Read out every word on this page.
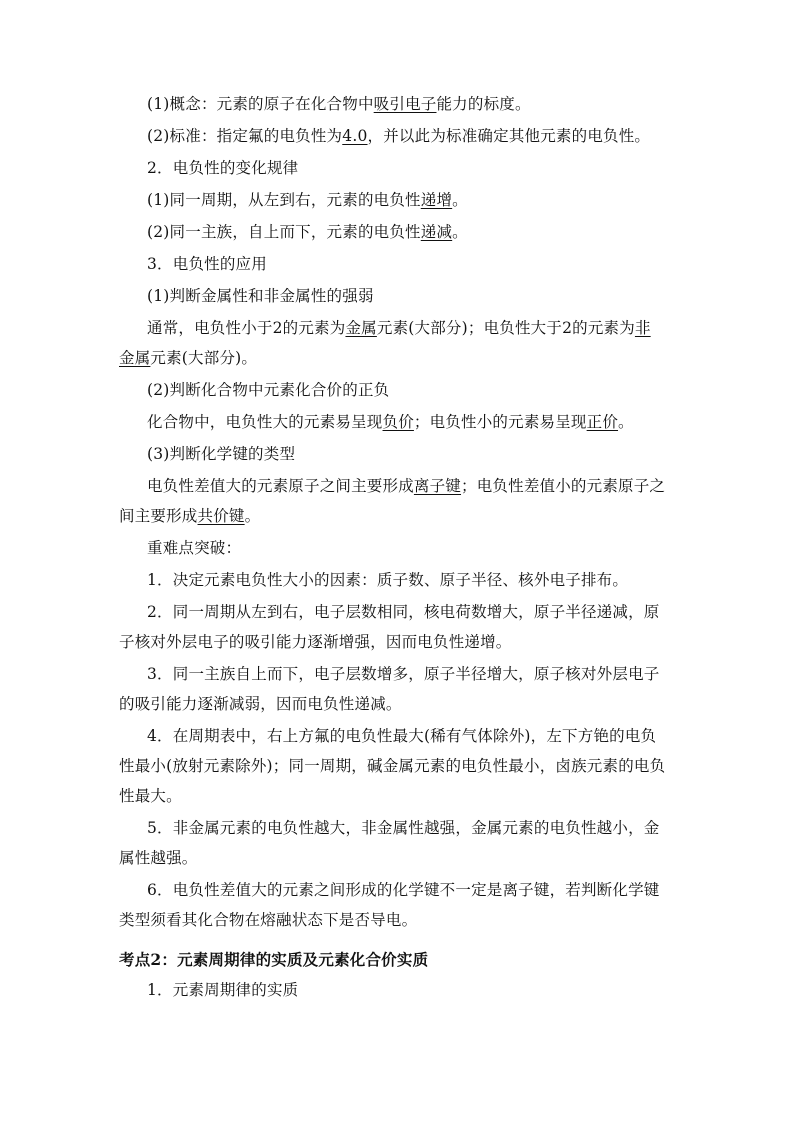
(1)概念：元素的原子在化合物中吸引电子能力的标度。
(2)标准：指定氟的电负性为4.0，并以此为标准确定其他元素的电负性。
2．电负性的变化规律
(1)同一周期，从左到右，元素的电负性递增。
(2)同一主族，自上而下，元素的电负性递减。
3．电负性的应用
(1)判断金属性和非金属性的强弱
通常，电负性小于2的元素为金属元素(大部分)；电负性大于2的元素为非
金属元素(大部分)。
(2)判断化合物中元素化合价的正负
化合物中，电负性大的元素易呈现负价；电负性小的元素易呈现正价。
(3)判断化学键的类型
电负性差值大的元素原子之间主要形成离子键；电负性差值小的元素原子之
间主要形成共价键。
重难点突破：
1．决定元素电负性大小的因素：质子数、原子半径、核外电子排布。
2．同一周期从左到右，电子层数相同，核电荷数增大，原子半径递减，原
子核对外层电子的吸引能力逐渐增强，因而电负性递增。
3．同一主族自上而下，电子层数增多，原子半径增大，原子核对外层电子
的吸引能力逐渐减弱，因而电负性递减。
4．在周期表中，右上方氟的电负性最大(稀有气体除外)，左下方铯的电负
性最小(放射元素除外)；同一周期，碱金属元素的电负性最小，卤族元素的电负
性最大。
5．非金属元素的电负性越大，非金属性越强，金属元素的电负性越小，金
属性越强。
6．电负性差值大的元素之间形成的化学键不一定是离子键，若判断化学键
类型须看其化合物在熔融状态下是否导电。
考点2：元素周期律的实质及元素化合价实质
1．元素周期律的实质
